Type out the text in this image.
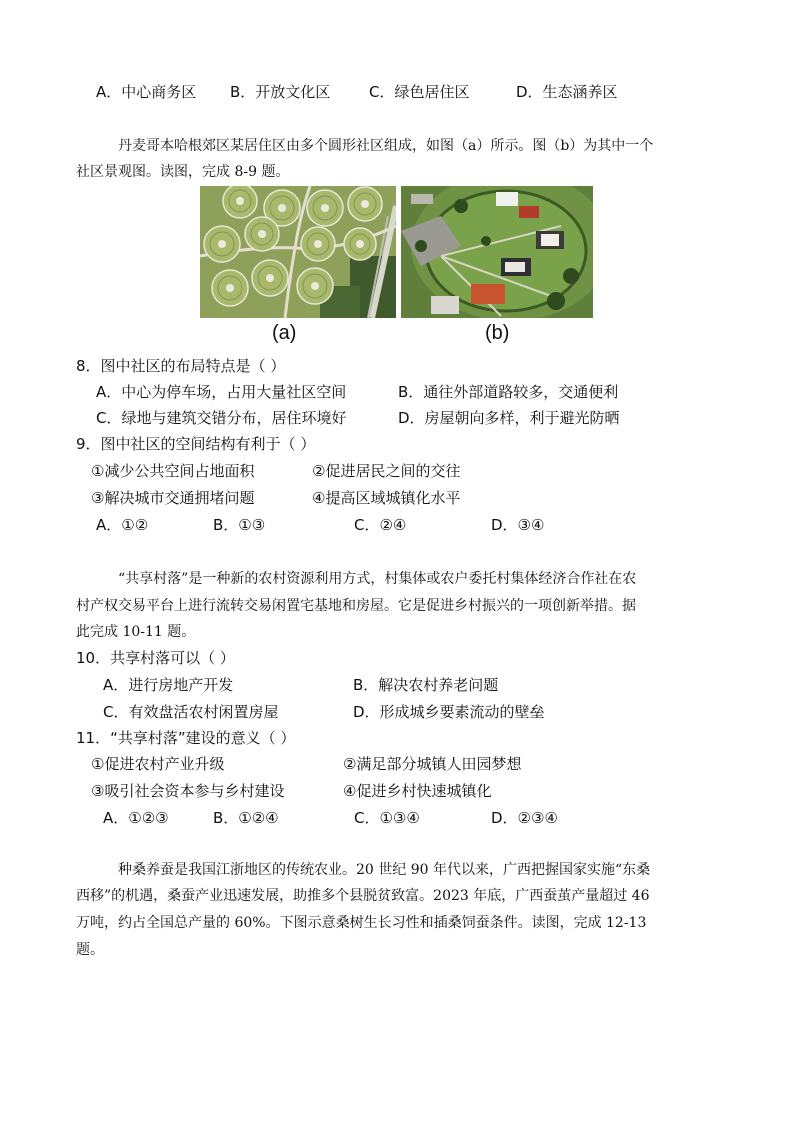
A．中心商务区 B．开放文化区	C．绿色居住区	D．生态涵养区
丹麦哥本哈根郊区某居住区由多个圆形社区组成，如图（a）所示。图（b）为其中一个
社区景观图。读图，完成 8-9 题。
(a)	(b)
8．图中社区的布局特点是（ ）
A．中心为停车场，占用大量社区空间	B．通往外部道路较多，交通便利
C．绿地与建筑交错分布，居住环境好	D．房屋朝向多样，利于避光防晒
9．图中社区的空间结构有利于（ ）
①减少公共空间占地面积	②促进居民之间的交往
③解决城市交通拥堵问题	④提高区域城镇化水平
A．①②	B．①③	C．②④	D．③④
“共享村落”是一种新的农村资源利用方式，村集体或农户委托村集体经济合作社在农
村产权交易平台上进行流转交易闲置宅基地和房屋。它是促进乡村振兴的一项创新举措。据
此完成 10-11 题。
10．共享村落可以（ ）
A．进行房地产开发	B．解决农村养老问题
C．有效盘活农村闲置房屋	D．形成城乡要素流动的壁垒
11．“共享村落”建设的意义（ ）
①促进农村产业升级	②满足部分城镇人田园梦想
③吸引社会资本参与乡村建设	④促进乡村快速城镇化
A．①②③	B．①②④	C．①③④	D．②③④
种桑养蚕是我国江浙地区的传统农业。20 世纪 90 年代以来，广西把握国家实施“东桑
西移”的机遇，桑蚕产业迅速发展，助推多个县脱贫致富。2023 年底，广西蚕茧产量超过 46
万吨，约占全国总产量的 60%。下图示意桑树生长习性和插桑饲蚕条件。读图，完成 12-13
题。
